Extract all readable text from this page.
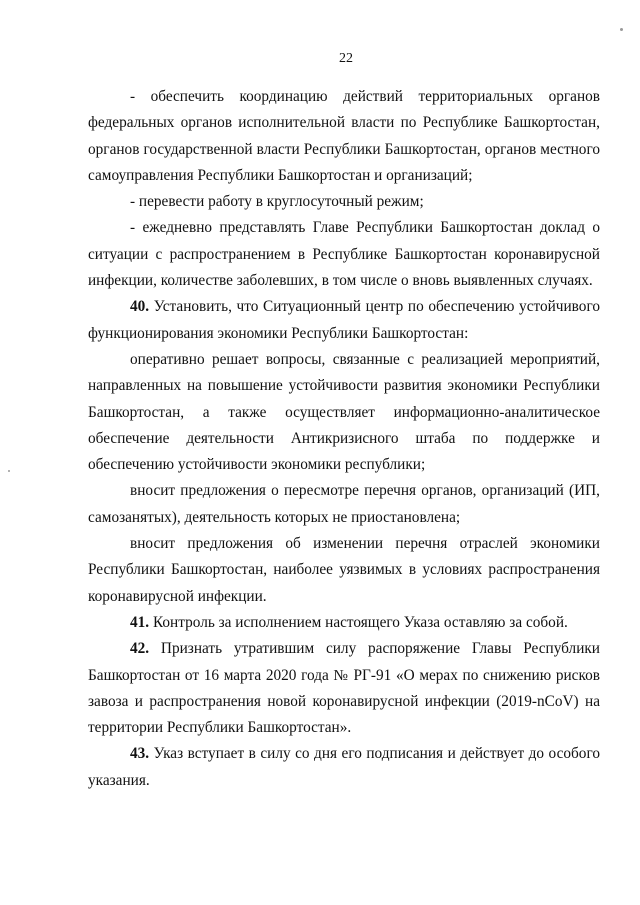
22

- обеспечить координацию действий территориальных органов федеральных органов исполнительной власти по Республике Башкортостан, органов государственной власти Республики Башкортостан, органов местного самоуправления Республики Башкортостан и организаций;

- перевести работу в круглосуточный режим;

- ежедневно представлять Главе Республики Башкортостан доклад о ситуации с распространением в Республике Башкортостан коронавирусной инфекции, количестве заболевших, в том числе о вновь выявленных случаях.

40. Установить, что Ситуационный центр по обеспечению устойчивого функционирования экономики Республики Башкортостан:

оперативно решает вопросы, связанные с реализацией мероприятий, направленных на повышение устойчивости развития экономики Республики Башкортостан, а также осуществляет информационно-аналитическое обеспечение деятельности Антикризисного штаба по поддержке и обеспечению устойчивости экономики республики;

вносит предложения о пересмотре перечня органов, организаций (ИП, самозанятых), деятельность которых не приостановлена;

вносит предложения об изменении перечня отраслей экономики Республики Башкортостан, наиболее уязвимых в условиях распространения коронавирусной инфекции.

41. Контроль за исполнением настоящего Указа оставляю за собой.

42. Признать утратившим силу распоряжение Главы Республики Башкортостан от 16 марта 2020 года № РГ-91 «О мерах по снижению рисков завоза и распространения новой коронавирусной инфекции (2019-nCoV) на территории Республики Башкортостан».

43. Указ вступает в силу со дня его подписания и действует до особого указания.
